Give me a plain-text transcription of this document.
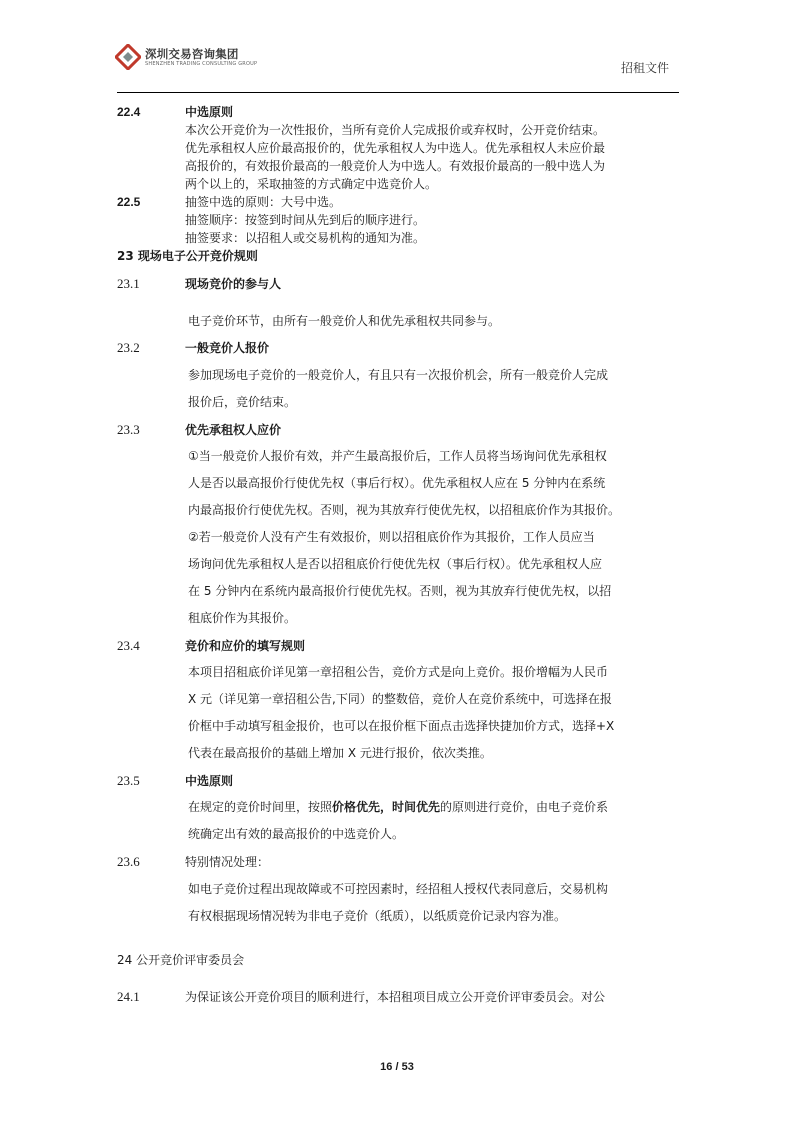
深圳交易咨询集团
SHENZHEN TRADING CONSULTING GROUP	招租文件
22.4	中选原则
本次公开竞价为一次性报价，当所有竞价人完成报价或弃权时，公开竞价结束。
优先承租权人应价最高报价的，优先承租权人为中选人。优先承租权人未应价最
高报价的，有效报价最高的一般竞价人为中选人。有效报价最高的一般中选人为
两个以上的，采取抽签的方式确定中选竞价人。
22.5	抽签中选的原则：大号中选。
抽签顺序：按签到时间从先到后的顺序进行。
抽签要求：以招租人或交易机构的通知为准。
23 现场电子公开竞价规则
23.1	现场竞价的参与人
电子竞价环节，由所有一般竞价人和优先承租权共同参与。
23.2	一般竞价人报价
参加现场电子竞价的一般竞价人，有且只有一次报价机会，所有一般竞价人完成
报价后，竞价结束。
23.3	优先承租权人应价
①当一般竞价人报价有效，并产生最高报价后，工作人员将当场询问优先承租权
人是否以最高报价行使优先权（事后行权）。优先承租权人应在 5 分钟内在系统
内最高报价行使优先权。否则，视为其放弃行使优先权，以招租底价作为其报价。
②若一般竞价人没有产生有效报价，则以招租底价作为其报价，工作人员应当
场询问优先承租权人是否以招租底价行使优先权（事后行权）。优先承租权人应
在 5 分钟内在系统内最高报价行使优先权。否则，视为其放弃行使优先权，以招
租底价作为其报价。
23.4	竞价和应价的填写规则
本项目招租底价详见第一章招租公告，竞价方式是向上竞价。报价增幅为人民币
X 元（详见第一章招租公告,下同）的整数倍，竞价人在竞价系统中，可选择在报
价框中手动填写租金报价，也可以在报价框下面点击选择快捷加价方式，选择+X
代表在最高报价的基础上增加 X 元进行报价，依次类推。
23.5	中选原则
在规定的竞价时间里，按照价格优先，时间优先的原则进行竞价，由电子竞价系
统确定出有效的最高报价的中选竞价人。
23.6	特别情况处理：
如电子竞价过程出现故障或不可控因素时，经招租人授权代表同意后，交易机构
有权根据现场情况转为非电子竞价（纸质），以纸质竞价记录内容为准。
24 公开竞价评审委员会
24.1	为保证该公开竞价项目的顺利进行，本招租项目成立公开竞价评审委员会。对公
16 / 53
